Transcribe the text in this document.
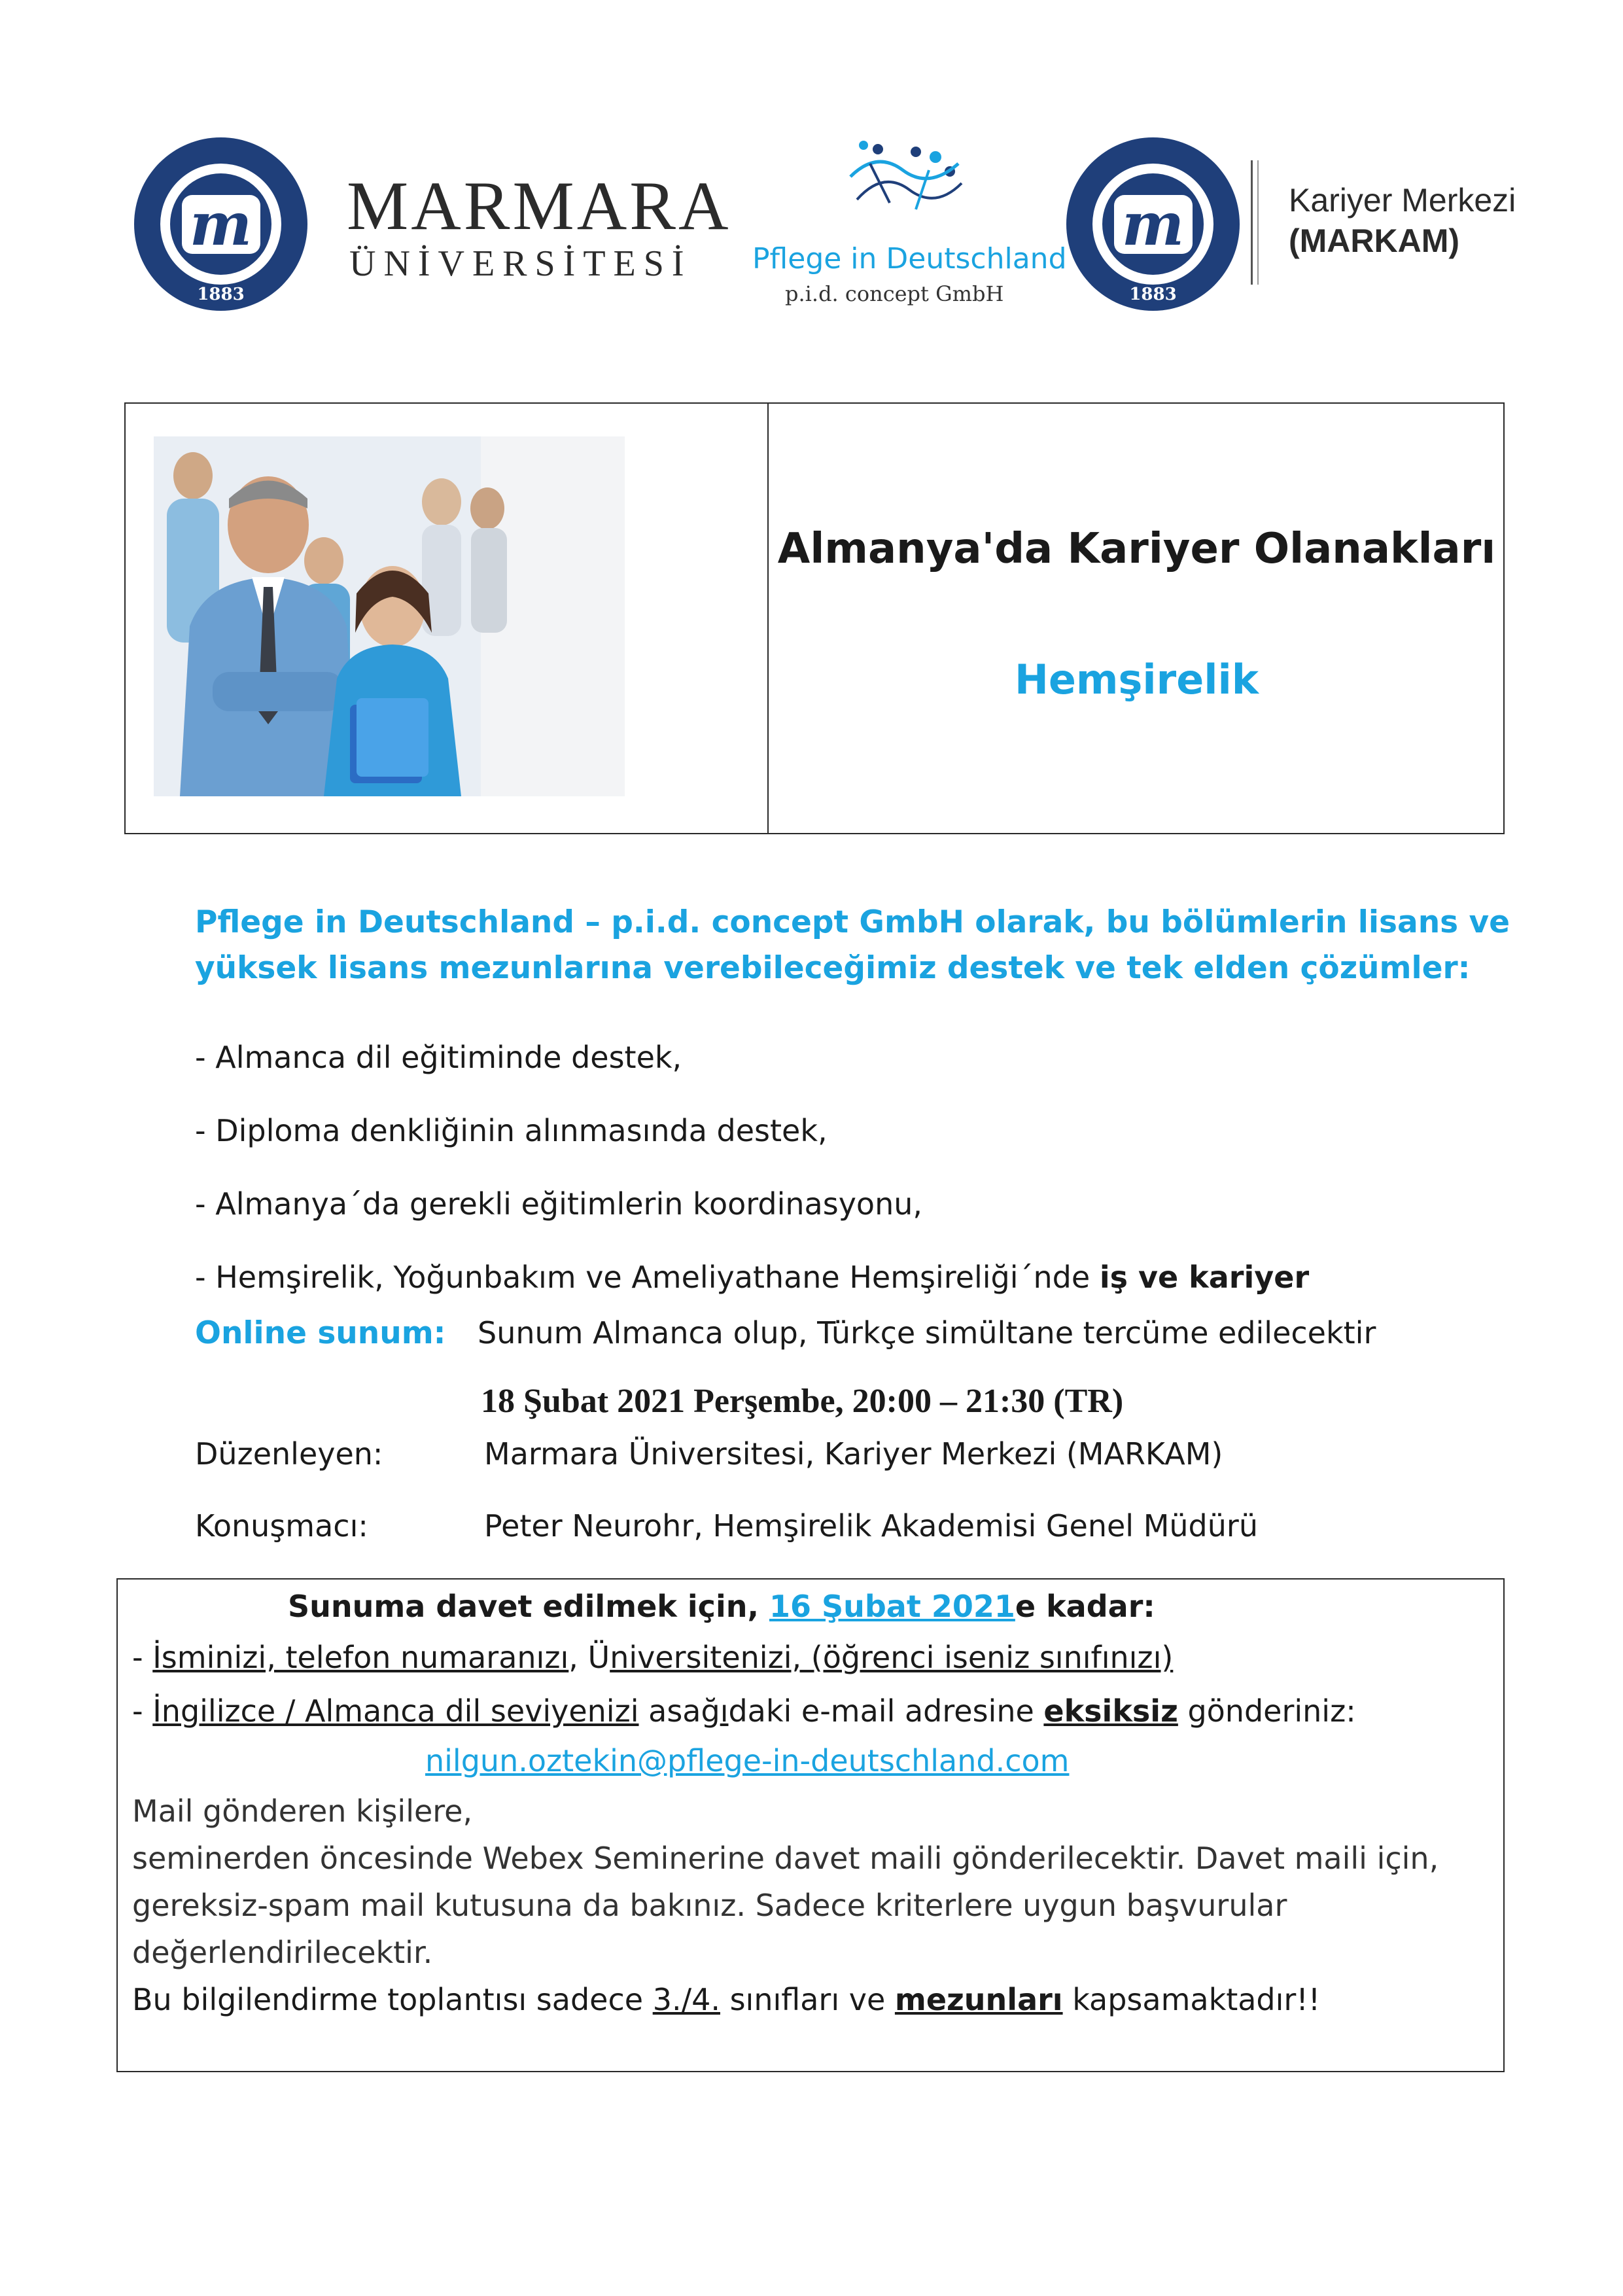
m
1883
MARMARA
ÜNİVERSİTESİ	Pflege in Deutschland
p.i.d. concept GmbH
m
1883
Kariyer Merkezi
(MARKAM)
Almanya'da Kariyer Olanakları
Hemşirelik
Pflege in Deutschland – p.i.d. concept GmbH olarak, bu bölümlerin lisans ve
yüksek lisans mezunlarına verebileceğimiz destek ve tek elden çözümler:
- Almanca dil eğitiminde destek,
- Diploma denkliğinin alınmasında destek,
- Almanya´da gerekli eğitimlerin koordinasyonu,
- Hemşirelik, Yoğunbakım ve Ameliyathane Hemşireliği´nde iş ve kariyer
Online sunum: Sunum Almanca olup, Türkçe simültane tercüme edilecektir
18 Şubat 2021 Perşembe, 20:00 – 21:30 (TR)
Düzenleyen:	Marmara Üniversitesi, Kariyer Merkezi (MARKAM)
Konuşmacı:	Peter Neurohr, Hemşirelik Akademisi Genel Müdürü
Sunuma davet edilmek için, 16 Şubat 2021e kadar:
- İsminizi, telefon numaranızı, Üniversitenizi, (öğrenci iseniz sınıfınızı)
- İngilizce / Almanca dil seviyenizi asağıdaki e-mail adresine eksiksiz gönderiniz:
nilgun.oztekin@pflege-in-deutschland.com
Mail gönderen kişilere,
seminerden öncesinde Webex Seminerine davet maili gönderilecektir. Davet maili için,
gereksiz-spam mail kutusuna da bakınız. Sadece kriterlere uygun başvurular
değerlendirilecektir.
Bu bilgilendirme toplantısı sadece 3./4. sınıfları ve mezunları kapsamaktadır!!
